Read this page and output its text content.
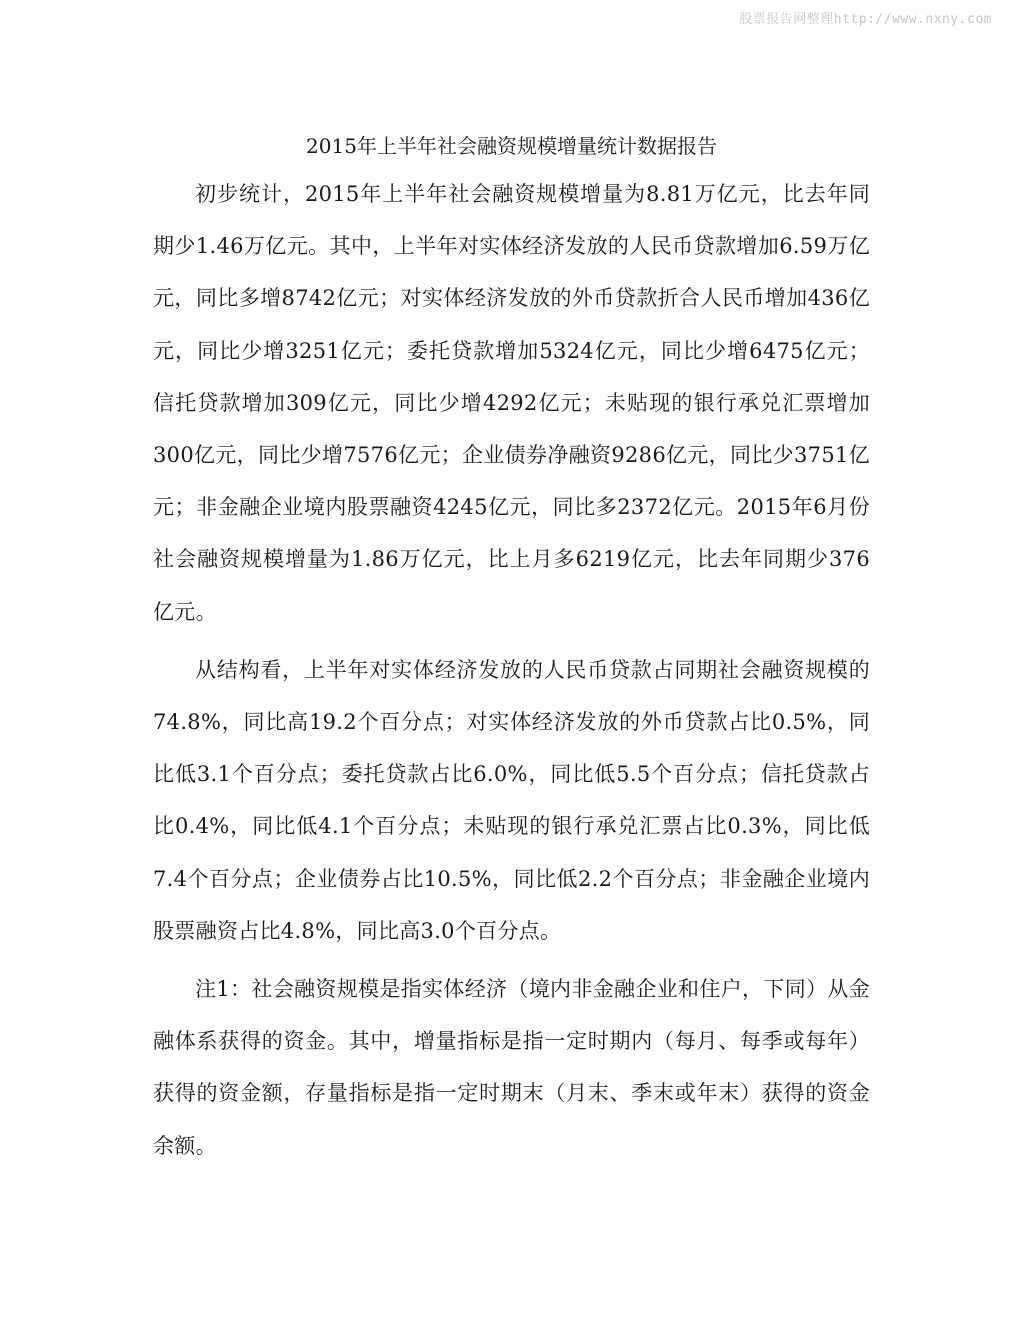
股票报告网整理http://www.nxny.com
2015年上半年社会融资规模增量统计数据报告

初步统计，2015年上半年社会融资规模增量为8.81万亿元，比去年同期少1.46万亿元。其中，上半年对实体经济发放的人民币贷款增加6.59万亿元，同比多增8742亿元；对实体经济发放的外币贷款折合人民币增加436亿元，同比少增3251亿元；委托贷款增加5324亿元，同比少增6475亿元；信托贷款增加309亿元，同比少增4292亿元；未贴现的银行承兑汇票增加300亿元，同比少增7576亿元；企业债券净融资9286亿元，同比少3751亿元；非金融企业境内股票融资4245亿元，同比多2372亿元。2015年6月份社会融资规模增量为1.86万亿元，比上月多6219亿元，比去年同期少376亿元。

从结构看，上半年对实体经济发放的人民币贷款占同期社会融资规模的74.8%，同比高19.2个百分点；对实体经济发放的外币贷款占比0.5%，同比低3.1个百分点；委托贷款占比6.0%，同比低5.5个百分点；信托贷款占比0.4%，同比低4.1个百分点；未贴现的银行承兑汇票占比0.3%，同比低7.4个百分点；企业债券占比10.5%，同比低2.2个百分点；非金融企业境内股票融资占比4.8%，同比高3.0个百分点。

注1：社会融资规模是指实体经济（境内非金融企业和住户，下同）从金融体系获得的资金。其中，增量指标是指一定时期内（每月、每季或每年）获得的资金额，存量指标是指一定时期末（月末、季末或年末）获得的资金余额。
